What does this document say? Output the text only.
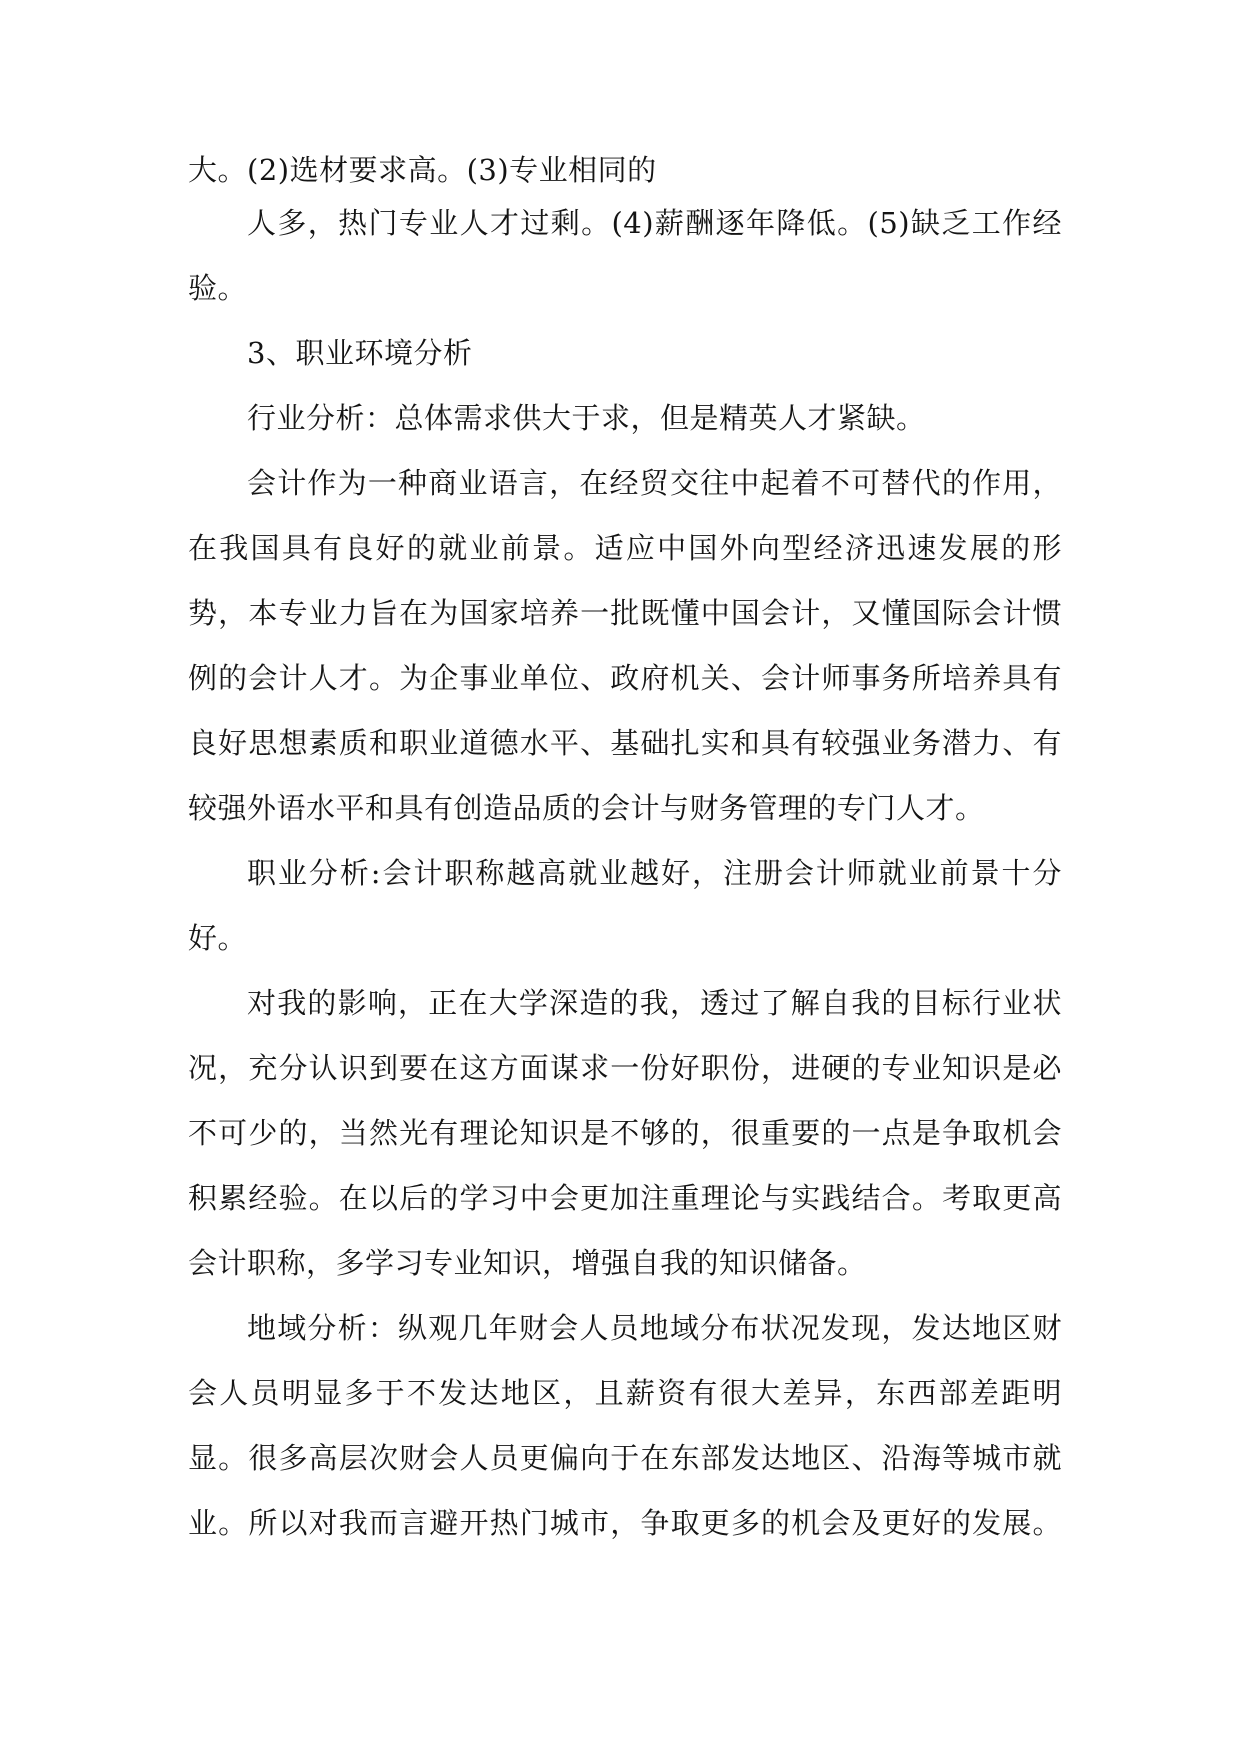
大。(2)选材要求高。(3)专业相同的

人多，热门专业人才过剩。(4)薪酬逐年降低。(5)缺乏工作经

验。

3、职业环境分析

行业分析：总体需求供大于求，但是精英人才紧缺。

会计作为一种商业语言，在经贸交往中起着不可替代的作用，

在我国具有良好的就业前景。适应中国外向型经济迅速发展的形

势，本专业力旨在为国家培养一批既懂中国会计，又懂国际会计惯

例的会计人才。为企事业单位、政府机关、会计师事务所培养具有

良好思想素质和职业道德水平、基础扎实和具有较强业务潜力、有

较强外语水平和具有创造品质的会计与财务管理的专门人才。

职业分析:会计职称越高就业越好，注册会计师就业前景十分

好。

对我的影响，正在大学深造的我，透过了解自我的目标行业状

况，充分认识到要在这方面谋求一份好职份，进硬的专业知识是必

不可少的，当然光有理论知识是不够的，很重要的一点是争取机会

积累经验。在以后的学习中会更加注重理论与实践结合。考取更高

会计职称，多学习专业知识，增强自我的知识储备。

地域分析：纵观几年财会人员地域分布状况发现，发达地区财

会人员明显多于不发达地区，且薪资有很大差异，东西部差距明

显。很多高层次财会人员更偏向于在东部发达地区、沿海等城市就

业。所以对我而言避开热门城市，争取更多的机会及更好的发展。
